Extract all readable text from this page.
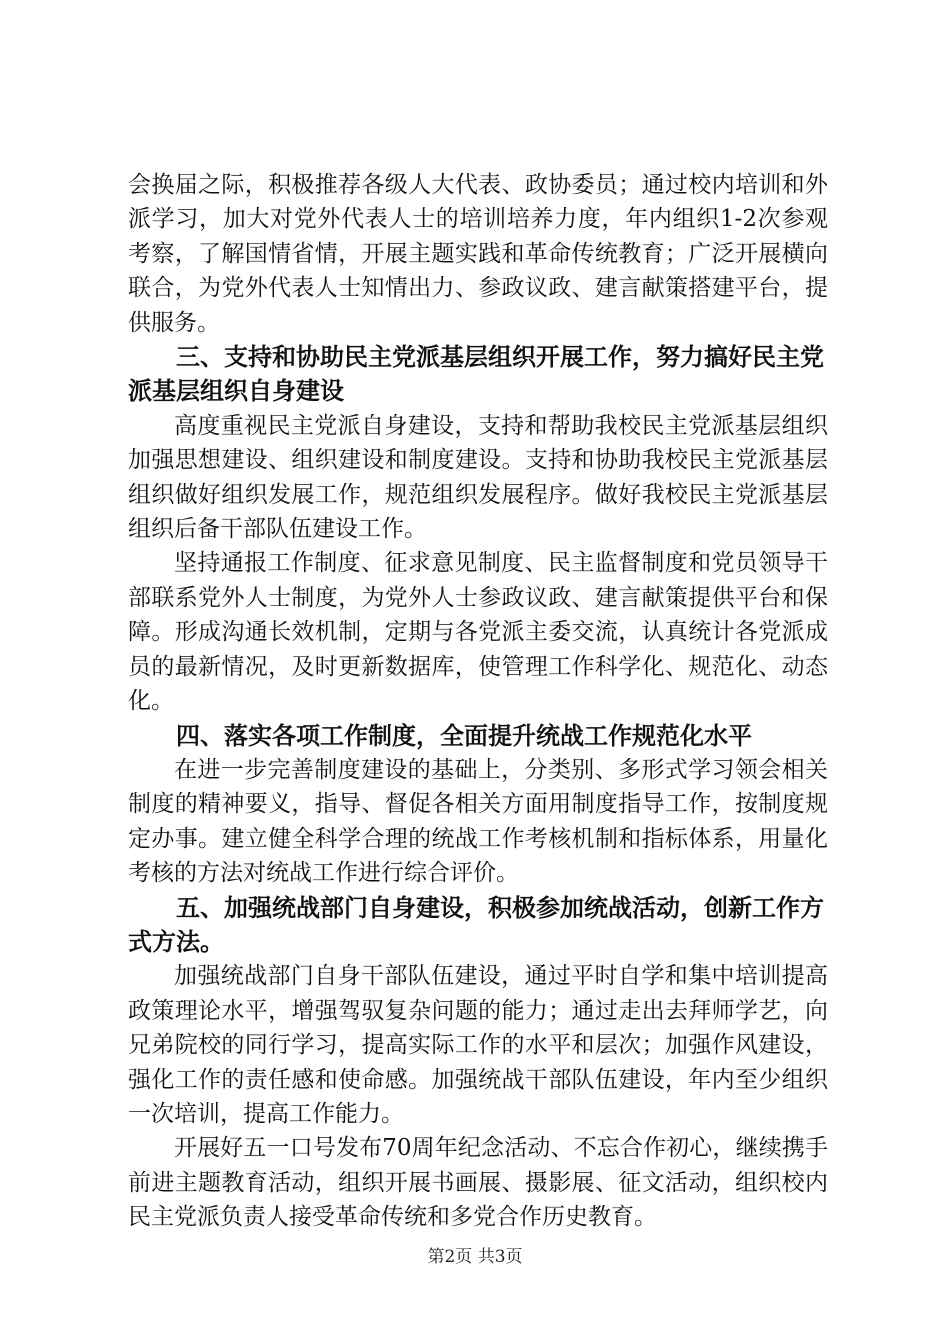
会换届之际，积极推荐各级人大代表、政协委员；通过校内培训和外派学习，加大对党外代表人士的培训培养力度，年内组织1-2次参观考察，了解国情省情，开展主题实践和革命传统教育；广泛开展横向联合，为党外代表人士知情出力、参政议政、建言献策搭建平台，提供服务。

三、支持和协助民主党派基层组织开展工作，努力搞好民主党派基层组织自身建设

高度重视民主党派自身建设，支持和帮助我校民主党派基层组织加强思想建设、组织建设和制度建设。支持和协助我校民主党派基层组织做好组织发展工作，规范组织发展程序。做好我校民主党派基层组织后备干部队伍建设工作。

坚持通报工作制度、征求意见制度、民主监督制度和党员领导干部联系党外人士制度，为党外人士参政议政、建言献策提供平台和保障。形成沟通长效机制，定期与各党派主委交流，认真统计各党派成员的最新情况，及时更新数据库，使管理工作科学化、规范化、动态化。

四、落实各项工作制度，全面提升统战工作规范化水平

在进一步完善制度建设的基础上，分类别、多形式学习领会相关制度的精神要义，指导、督促各相关方面用制度指导工作，按制度规定办事。建立健全科学合理的统战工作考核机制和指标体系，用量化考核的方法对统战工作进行综合评价。

五、加强统战部门自身建设，积极参加统战活动，创新工作方式方法。

加强统战部门自身干部队伍建设，通过平时自学和集中培训提高政策理论水平，增强驾驭复杂问题的能力；通过走出去拜师学艺，向兄弟院校的同行学习，提高实际工作的水平和层次；加强作风建设，强化工作的责任感和使命感。加强统战干部队伍建设，年内至少组织一次培训，提高工作能力。

开展好五一口号发布70周年纪念活动、不忘合作初心，继续携手前进主题教育活动，组织开展书画展、摄影展、征文活动，组织校内民主党派负责人接受革命传统和多党合作历史教育。

第2页 共3页
